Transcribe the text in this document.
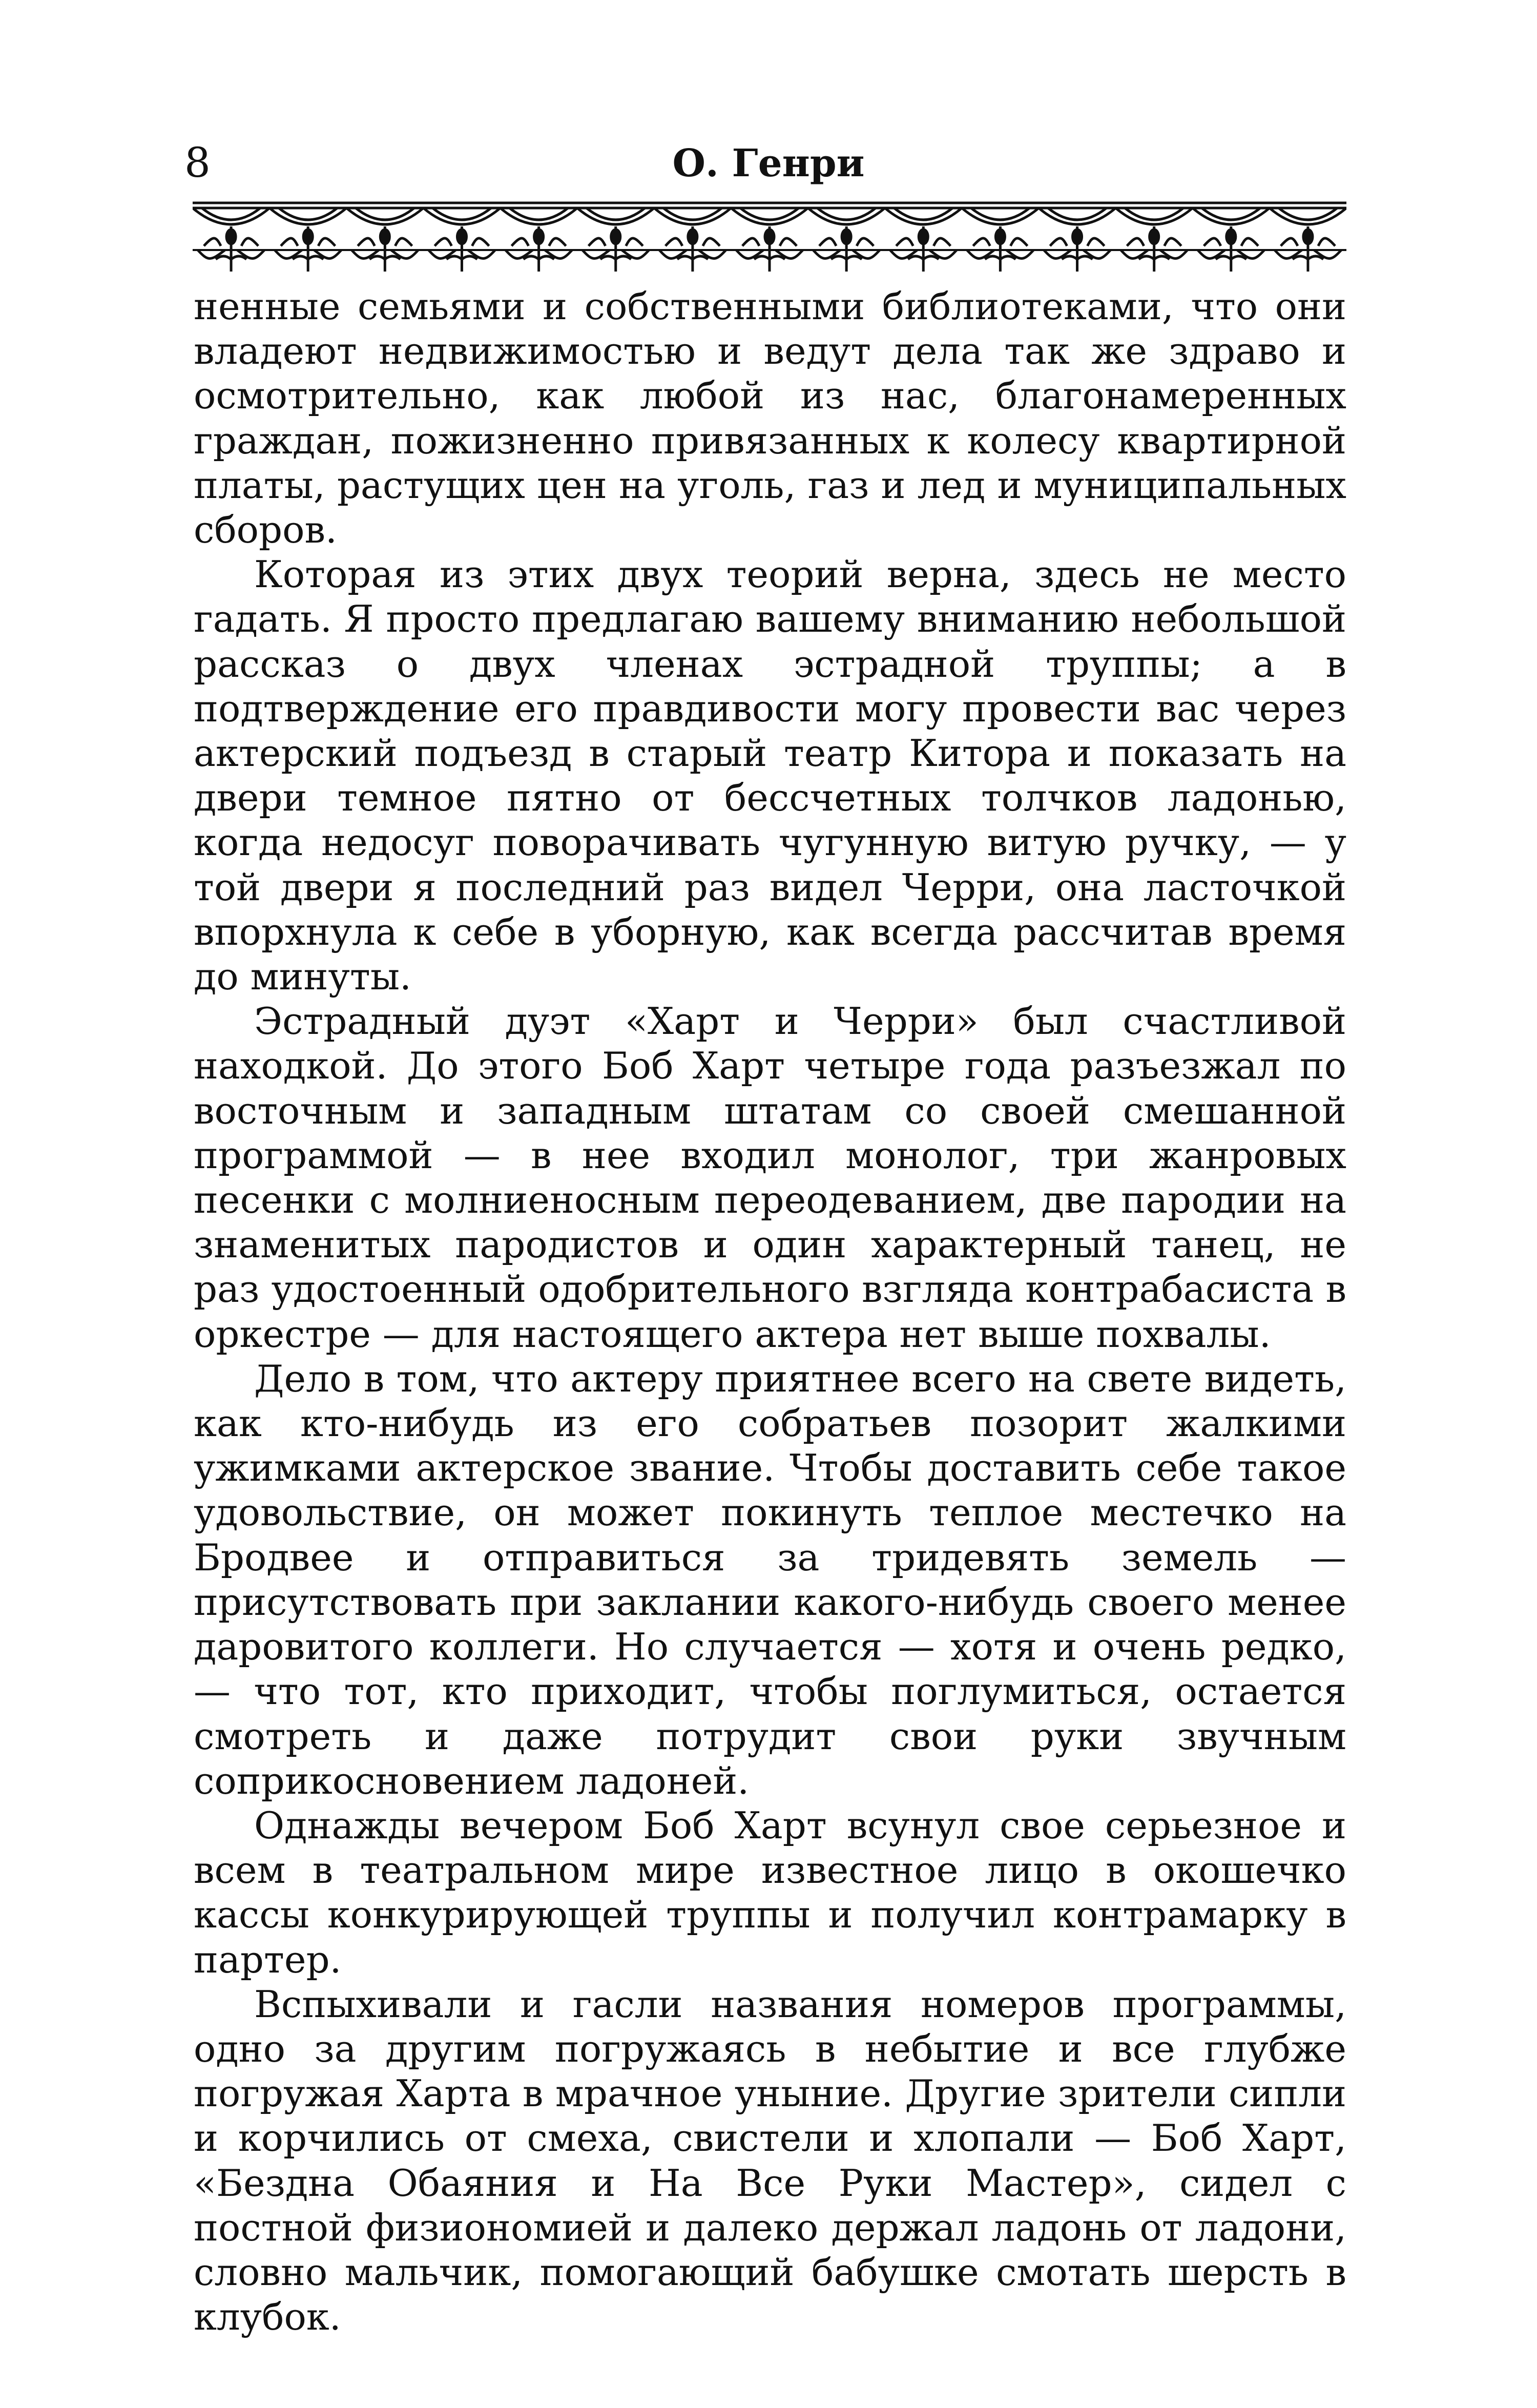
8	О. Генри

ненные семьями и собственными библиотеками, что они владеют недвижимостью и ведут дела так же здраво и осмотрительно, как любой из нас, благонамеренных граждан, пожизненно привязанных к колесу квартирной платы, растущих цен на уголь, газ и лед и муниципальных сборов.

Которая из этих двух теорий верна, здесь не место гадать. Я просто предлагаю вашему вниманию небольшой рассказ о двух членах эстрадной труппы; а в подтверждение его правдивости могу провести вас через актерский подъезд в старый театр Китора и показать на двери темное пятно от бессчетных толчков ладонью, когда недосуг поворачивать чугунную витую ручку, — у той двери я последний раз видел Черри, она ласточкой впорхнула к себе в уборную, как всегда рассчитав время до минуты.

Эстрадный дуэт «Харт и Черри» был счастливой находкой. До этого Боб Харт четыре года разъезжал по восточным и западным штатам со своей смешанной программой — в нее входил монолог, три жанровых песенки с молниеносным переодеванием, две пародии на знаменитых пародистов и один характерный танец, не раз удостоенный одобрительного взгляда контрабасиста в оркестре — для настоящего актера нет выше похвалы.

Дело в том, что актеру приятнее всего на свете видеть, как кто-нибудь из его собратьев позорит жалкими ужимками актерское звание. Чтобы доставить себе такое удовольствие, он может покинуть теплое местечко на Бродвее и отправиться за тридевять земель — присутствовать при заклании какого-нибудь своего менее даровитого коллеги. Но случается — хотя и очень редко, — что тот, кто приходит, чтобы поглумиться, остается смотреть и даже потрудит свои руки звучным соприкосновением ладоней.

Однажды вечером Боб Харт всунул свое серьезное и всем в театральном мире известное лицо в окошечко кассы конкурирующей труппы и получил контрамарку в партер.

Вспыхивали и гасли названия номеров программы, одно за другим погружаясь в небытие и все глубже погружая Харта в мрачное уныние. Другие зрители сипли и корчились от смеха, свистели и хлопали — Боб Харт, «Бездна Обаяния и На Все Руки Мастер», сидел с постной физиономией и далеко держал ладонь от ладони, словно мальчик, помогающий бабушке смотать шерсть в клубок.
